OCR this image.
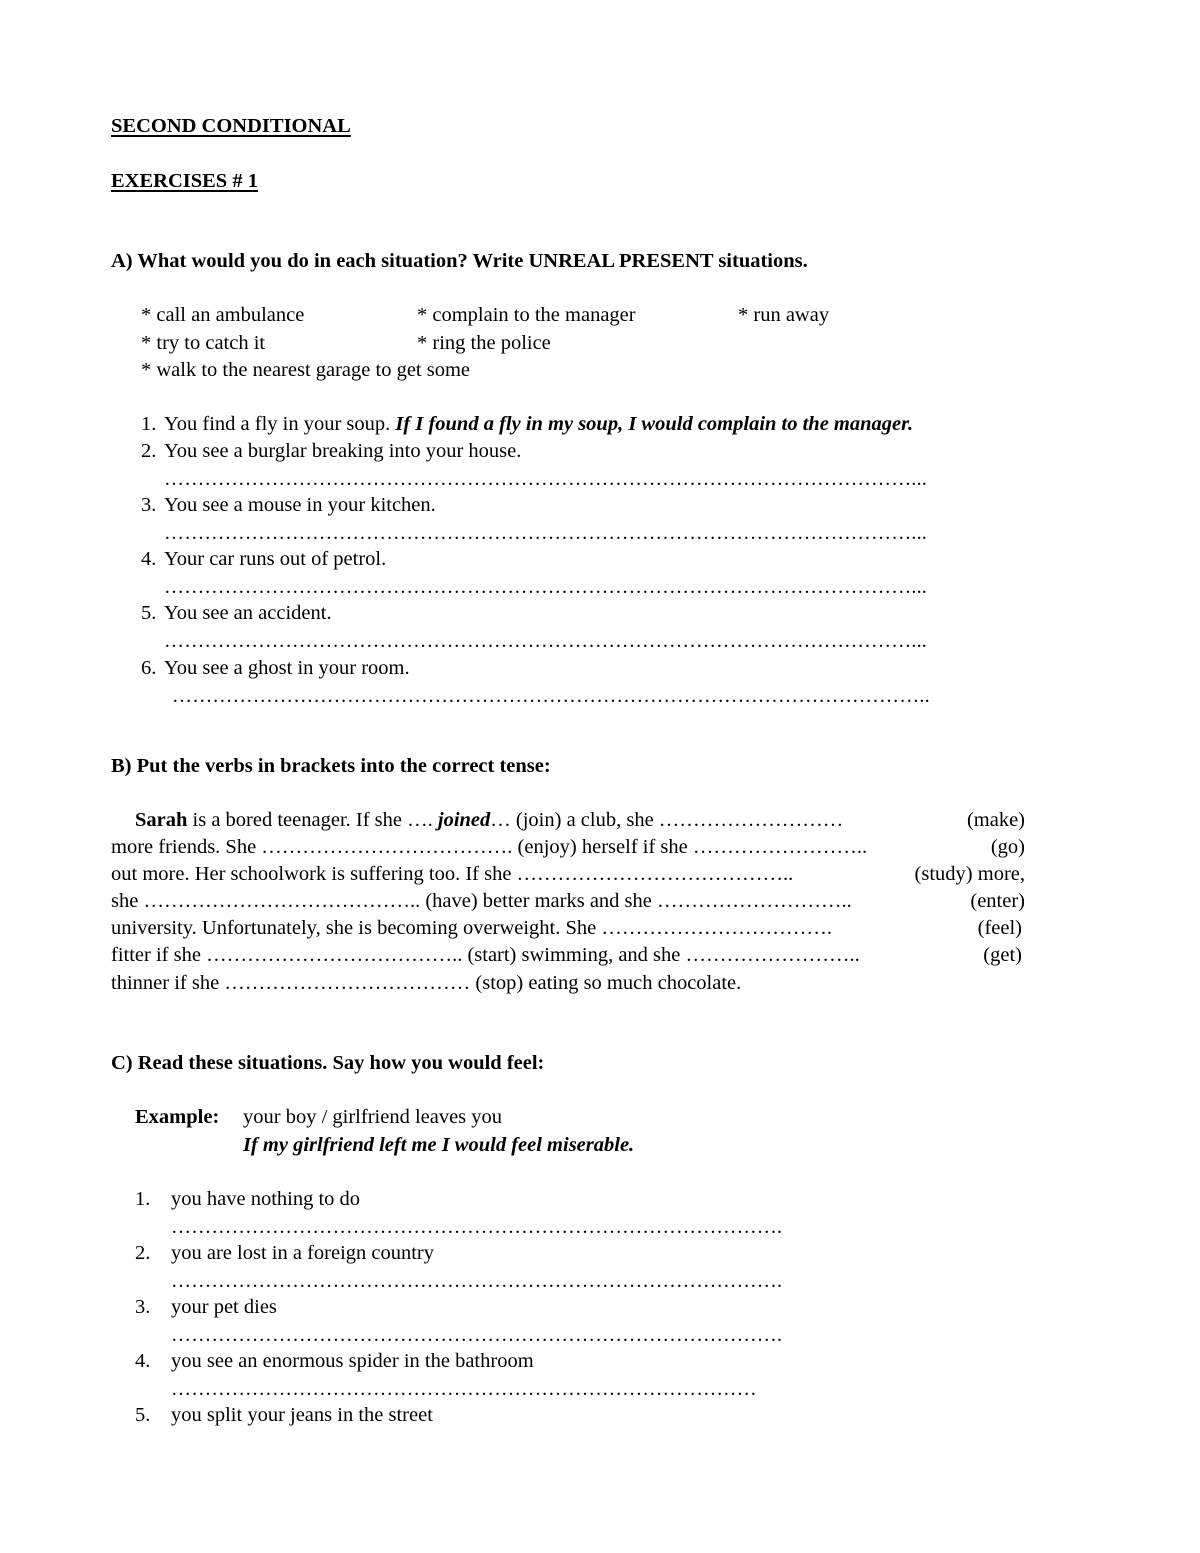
SECOND CONDITIONAL
EXERCISES # 1
A) What would you do in each situation? Write UNREAL PRESENT situations.
* call an ambulance	* complain to the manager	* run away
* try to catch it	* ring the police
* walk to the nearest garage to get some
1. You find a fly in your soup. If I found a fly in my soup, I would complain to the manager.
2. You see a burglar breaking into your house.
…………………………………………………………………………………………………...
3. You see a mouse in your kitchen.
…………………………………………………………………………………………………...
4. Your car runs out of petrol.
…………………………………………………………………………………………………...
5. You see an accident.
…………………………………………………………………………………………………...
6. You see a ghost in your room.
…………………………………………………………………………………………………..
B) Put the verbs in brackets into the correct tense:
Sarah is a bored teenager. If she …. joined… (join) a club, she ………………………	(make)
more friends. She ………………………………. (enjoy) herself if she ……………………..	(go)
out more. Her schoolwork is suffering too. If she …………………………………..	(study) more,
she ………………………………….. (have) better marks and she ………………………..	(enter)
university. Unfortunately, she is becoming overweight. She …………………………….	(feel)
fitter if she ……………………………….. (start) swimming, and she ……………………..	(get)
thinner if she ……………………………… (stop) eating so much chocolate.
C) Read these situations. Say how you would feel:
Example: your boy / girlfriend leaves you
If my girlfriend left me I would feel miserable.
1. you have nothing to do
……………………………………………………………………………….
2. you are lost in a foreign country
……………………………………………………………………………….
3. your pet dies
……………………………………………………………………………….
4. you see an enormous spider in the bathroom
……………………………………………………………………………
5. you split your jeans in the street
